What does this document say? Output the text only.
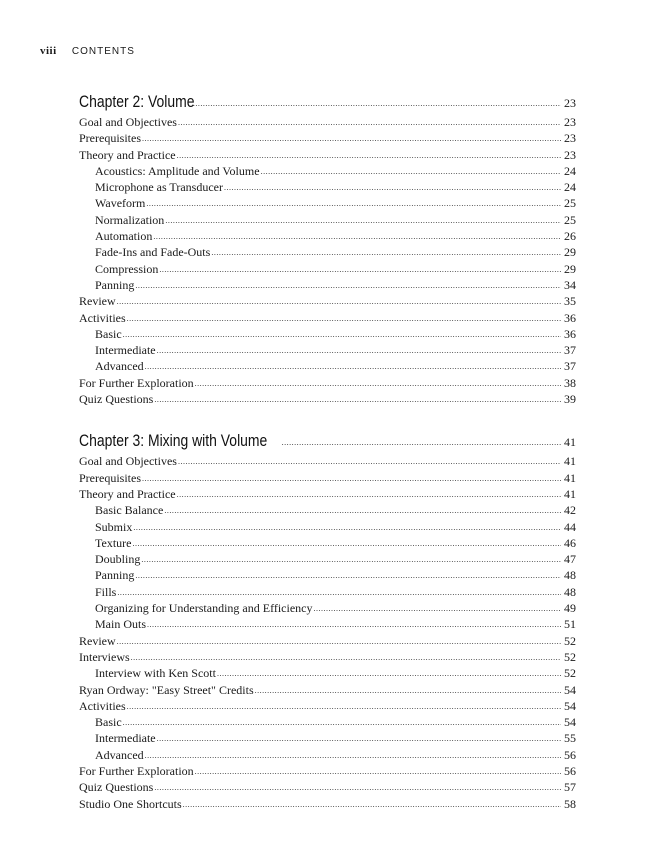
viii CONTENTS
Chapter 2: Volume .....	23
Goal and Objectives .....	23
Prerequisites .....	23
Theory and Practice .....	23
Acoustics: Amplitude and Volume .....	24
Microphone as Transducer .....	24
Waveform .....	25
Normalization .....	25
Automation .....	26
Fade-Ins and Fade-Outs .....	29
Compression .....	29
Panning .....	34
Review .....	35
Activities .....	36
Basic .....	36
Intermediate .....	37
Advanced .....	37
For Further Exploration .....	38
Quiz Questions .....	39
Chapter 3: Mixing with Volume .....	41
Goal and Objectives .....	41
Prerequisites .....	41
Theory and Practice .....	41
Basic Balance .....	42
Submix .....	44
Texture .....	46
Doubling .....	47
Panning .....	48
Fills .....	48
Organizing for Understanding and Efficiency .....	49
Main Outs .....	51
Review .....	52
Interviews .....	52
Interview with Ken Scott .....	52
Ryan Ordway: "Easy Street" Credits .....	54
Activities .....	54
Basic .....	54
Intermediate .....	55
Advanced .....	56
For Further Exploration .....	56
Quiz Questions .....	57
Studio One Shortcuts .....	58
